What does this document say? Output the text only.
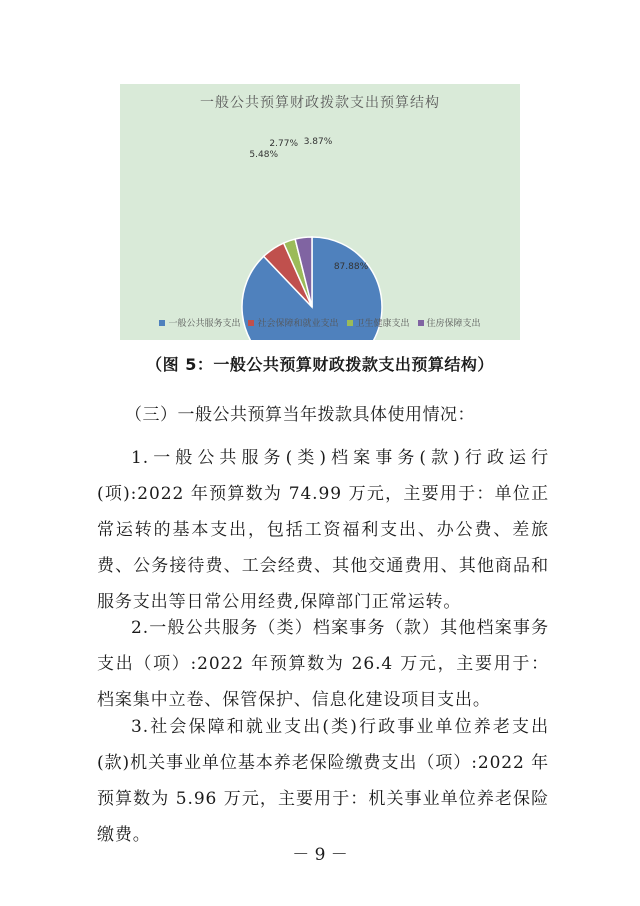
一般公共预算财政拨款支出预算结构
87.88%
5.48%
2.77% 3.87%
一般公共服务支出 社会保障和就业支出 卫生健康支出 住房保障支出
（图 5：一般公共预算财政拨款支出预算结构）
（三）一般公共预算当年拨款具体使用情况：
1.一般公共服务(类)档案事务(款)行政运行(项):2022 年预算数为 74.99 万元，主要用于：单位正常运转的基本支出，包括工资福利支出、办公费、差旅费、公务接待费、工会经费、其他交通费用、其他商品和服务支出等日常公用经费,保障部门正常运转。
2.一般公共服务（类）档案事务（款）其他档案事务支出（项）:2022 年预算数为 26.4 万元，主要用于：档案集中立卷、保管保护、信息化建设项目支出。
3.社会保障和就业支出(类)行政事业单位养老支出(款)机关事业单位基本养老保险缴费支出（项）:2022 年预算数为 5.96 万元，主要用于：机关事业单位养老保险缴费。
－ 9 －
